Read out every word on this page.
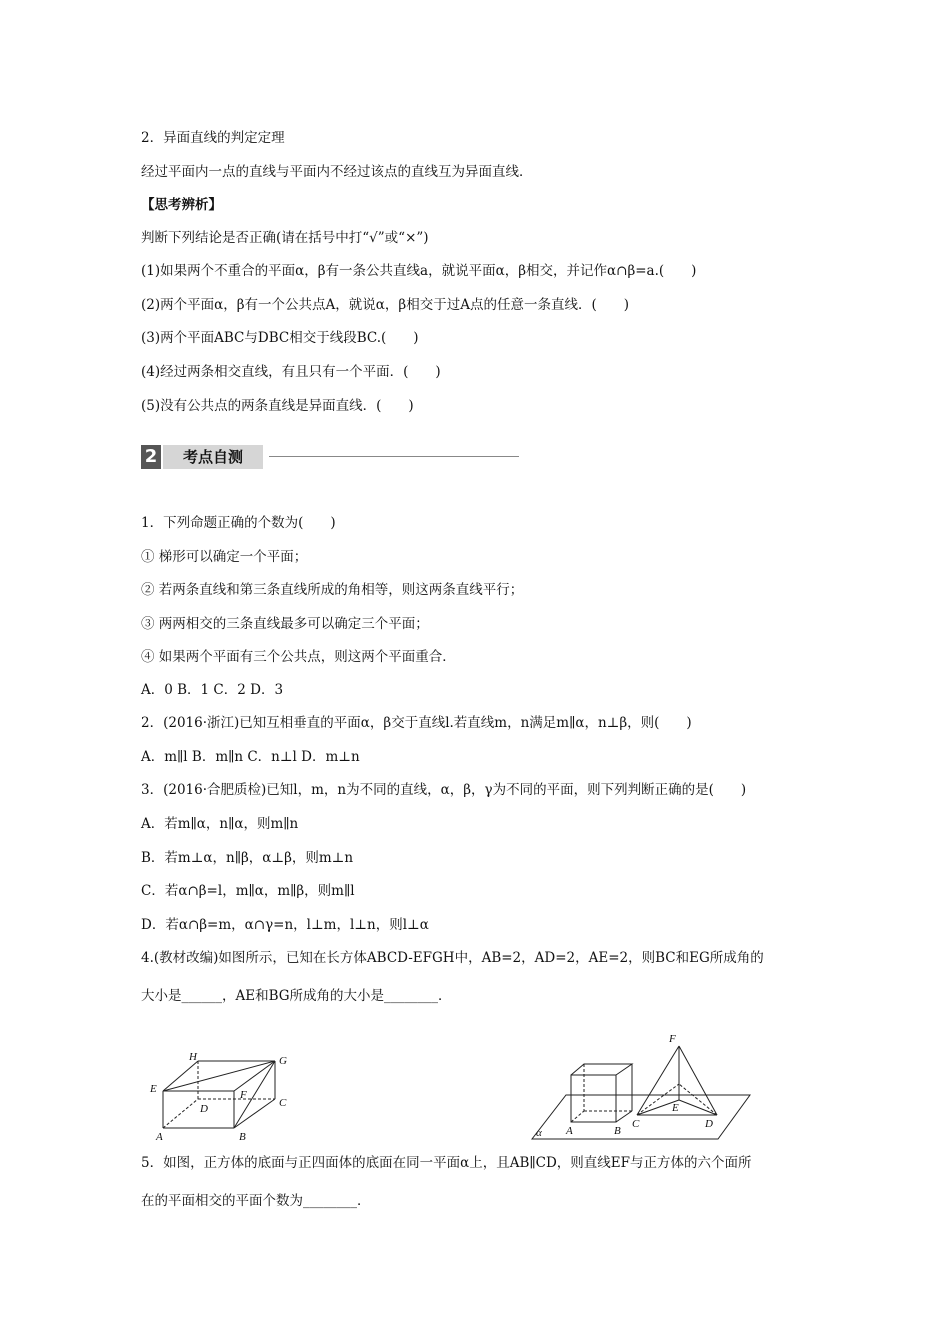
2．异面直线的判定定理
经过平面内一点的直线与平面内不经过该点的直线互为异面直线．
【思考辨析】
判断下列结论是否正确(请在括号中打“√”或“×”)
(1)如果两个不重合的平面α，β有一条公共直线a，就说平面α，β相交，并记作α∩β=a.(　　)
(2)两个平面α，β有一个公共点A，就说α，β相交于过A点的任意一条直线．(　　)
(3)两个平面ABC与DBC相交于线段BC.(　　)
(4)经过两条相交直线，有且只有一个平面．(　　)
(5)没有公共点的两条直线是异面直线．(　　)
2	考点自测
1．下列命题正确的个数为(　　)
① 梯形可以确定一个平面；
② 若两条直线和第三条直线所成的角相等，则这两条直线平行；
③ 两两相交的三条直线最多可以确定三个平面；
④ 如果两个平面有三个公共点，则这两个平面重合．
A．0 B．1 C．2 D．3
2．(2016·浙江)已知互相垂直的平面α，β交于直线l.若直线m，n满足m∥α，n⊥β，则(　　)
A．m∥l B．m∥n C．n⊥l D．m⊥n
3．(2016·合肥质检)已知l，m，n为不同的直线，α，β，γ为不同的平面，则下列判断正确的是(　　)
A．若m∥α，n∥α，则m∥n
B．若m⊥α，n∥β，α⊥β，则m⊥n
C．若α∩β=l，m∥α，m∥β，则m∥l
D．若α∩β=m，α∩γ=n，l⊥m，l⊥n，则l⊥α
4.(教材改编)如图所示，已知在长方体ABCD-EFGH中，AB=2，AD=2，AE=2，则BC和EG所成角的
大小是______，AE和BG所成角的大小是________．
H	G
E	F
D	C
A	B
F
E
A	B
C	D
α
5．如图，正方体的底面与正四面体的底面在同一平面α上，且AB∥CD，则直线EF与正方体的六个面所
在的平面相交的平面个数为________．
